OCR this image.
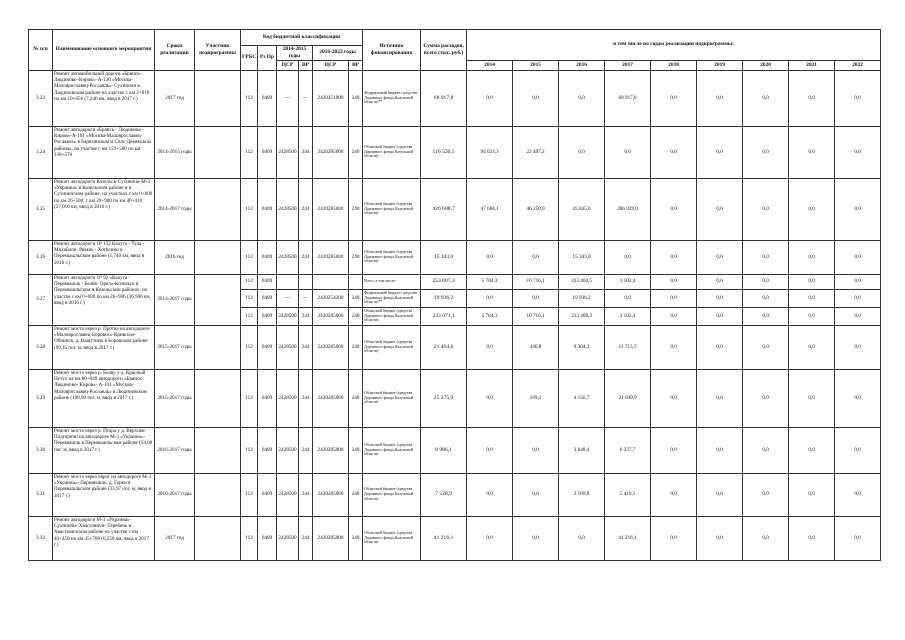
№ п/п	Наименование основного мероприятия	Сроки реализации	Участник подпрограммы	Код бюджетной классификации						Источник финансирования	Сумма расходов, всего (тыс. руб.)	в том числе по годам реализации подпрограммы:								
				ГРБС	Рз Пр	2014-2015 годы		2016-2022 годы												
						ЦСР	ВР	ЦСР	ВР			2014	2015	2016	2017	2018	2019	2020	2021	2022
3.23	Ремонт автомобильной дороги «Брянск–Людиново–Киров»–А-130 «Москва-Малоярославец-Рославль»–Сухиничи в Людиновском районе на участке с км 2+810 по км 10+056 (7,246 км, ввод в 2017 г.)	2017 год		112	0409	—	—	2420251900	240	Федеральный бюджет (средства Дорожного фонда Калужской области)**	68 917,8	0,0	0,0	0,0	68 917,8	0,0	0,0	0,0	0,0	0,0
3.24	Ремонт автодороги «Брянск - Людиново - Киров»-А-101 «Москва-Малоярославец- Рославль» в Барятинском и Спас-Деменском районах, на участке с км 121+500 по км 138+570	2014-2015 годы		112	0409	2428500	244	2420285000	240	Областной бюджет (средства Дорожного фонда Калужской области)	116 520,5	94 023,3	22 497,2	0,0	0,0	0,0	0,0	0,0	0,0	0,0
3.25	Ремонт автодороги Козельск-Сухиничи-М-3 «Украина» в Козельском районе и в Сухиничском районе, на участках с км 0+000 по км 26+500, с км 29+900 по км 40+410 (37,010 км, ввод в 2016 г.)	2014-2017 годы		112	0409	2428500	244	2420285000	240	Областной бюджет (средства Дорожного фонда Калужской области)	426 608,7	47 684,1	46 250,0	45 845,6	286 829,0	0,0	0,0	0,0	0,0	0,0
3.26	Ремонт автодороги 1Р 132 Калуга - Тула - Михайлов- Рязань - Хотисино в Перемышльском районе (1,740 км, ввод в 2016 г.)	2016 год		112	0409	2428500	244	2420285000	240	Областной бюджет (средства Дорожного фонда Калужской области)	15 343,0	0,0	0,0	15 343,0	0,0	0,0	0,0	0,0	0,0	0,0
3.27	Ремонт автодороги 1Р 92 «Калуга - Перемышль - Белёв- Орел»-Козельск в Перемышльском и Козельском районах, на участке с км 0+000 по км 26+906 (36,906 км, ввод в 2016 г.)	2014-2017 годы		112	0409					Всего, в том числе:	253 007,3	5 784,3	10 716,1	233 404,5	3 102,4	0,0	0,0	0,0	0,0	0,0
				112	0409	—	—	2420254200	240	Федеральный бюджет (средства Дорожного фонда Калужской области)**	19 936,2	0,0	0,0	19 936,2	0,0	0,0	0,0	0,0	0,0	0,0
				112	0409	2428500	244	2420285000	240	Областной бюджет (средства Дорожного фонда Калужской области)	233 071,1	5 784,3	10 716,1	213 468,3	3 102,4	0,0	0,0	0,0	0,0	0,0
3.28	Ремонт моста через р. Протва на автодороге «Малоярославец-Боровск»-Кривское-Обнинск, д. Вашутино в Боровском районе (99,45 пог. м, ввод в 2017 г.)	2015-2017 годы		112	0409	2428500	244	2420285000	240	Областной бюджет (средства Дорожного фонда Калужской области)	21 464,6	0,0	446,8	9 304,3	11 713,5	0,0	0,0	0,0	0,0	0,0
3.29	Ремонт моста через р. Болву у д. Красный Петух на км 80+049 автодороги «Брянск- Людиново- Киров»- А-101 «Москва- Малоярославец-Рославль» в Людиновском районе (109,90 пог. м, ввод в 2017 г.)	2015-2017 годы		112	0409	2428500	244	2420285000	240	Областной бюджет (средства Дорожного фонда Калужской области)	25 375,9	0,0	169,3	4 156,7	21 049,9	0,0	0,0	0,0	0,0	0,0
3.30	Ремонт моста через р. Птара у д. Верхние Подгоричи на автодороге М-3 «Украина»- Перемышль в Перемышльском районе (54,08 пог. м, ввод в 2017 г.)	2016-2017 годы		112	0409	2428500	244	2420285000	240	Областной бюджет (средства Дорожного фонда Калужской области)	8 986,1	0,0	0,0	2 648,4	6 337,7	0,0	0,0	0,0	0,0	0,0
3.31	Ремонт моста через овраг на автодороге М-3 «Украина»- Перемышль, д. Горки в Перемышльском районе (33,97 пог. м, ввод в 2017 г.)	2016-2017 годы		112	0409	2428500	244	2420285000	240	Областной бюджет (средства Дорожного фонда Калужской области)	7 528,9	0,0	0,0	2 109,8	5 419,1	0,0	0,0	0,0	0,0	0,0
3.32	Ремонт автодороги М-3 «Украина»-Сухиничи- Хвастовичи- Теребень в Хвастовичском районе на участке с км 40+450 по км 45+700 (6,250 км, ввод в 2017 г.)	2017 год		112	0409	2428500	244	2420285000	240	Областной бюджет (средства Дорожного фонда Калужской области)	41 216,1	0,0	0,0	0,0	41 216,1	0,0	0,0	0,0	0,0	0,0
